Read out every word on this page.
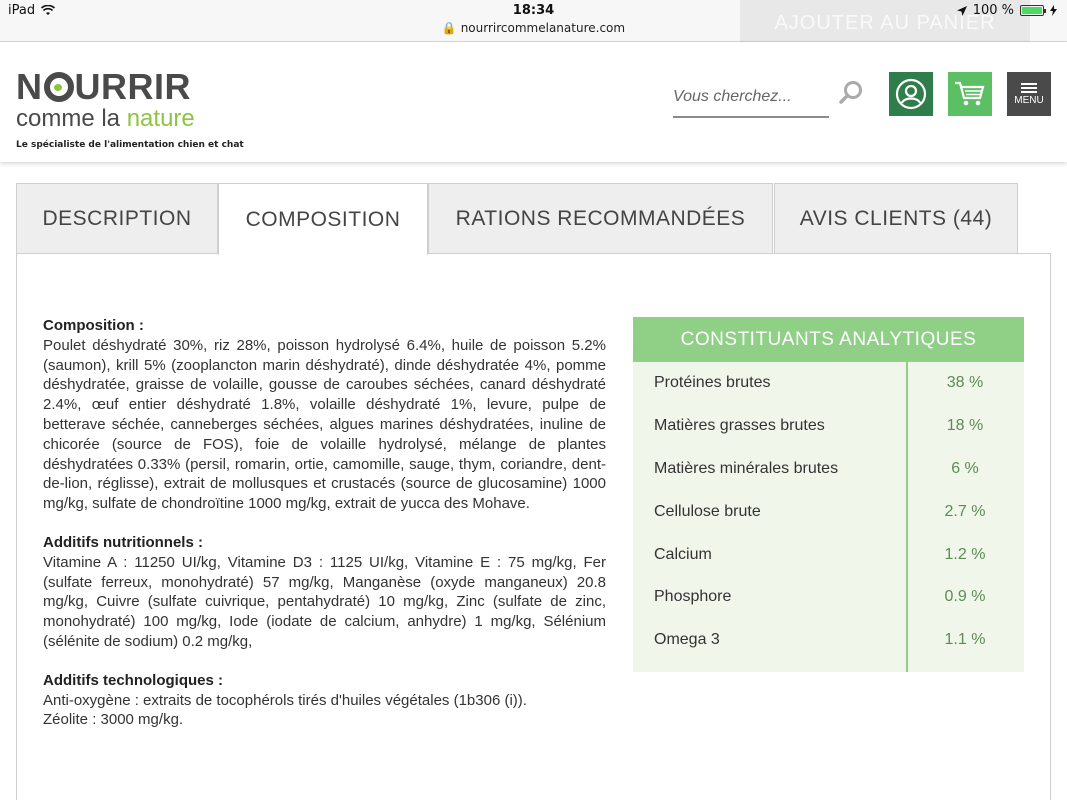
iPad	18:34
🔒 nourrircommelanature.com	AJOUTER AU PANIER
100 %
N URRIR
comme la nature
Le spécialiste de l'alimentation chien et chat
Vous cherchez...
MENU
DESCRIPTION	COMPOSITION	RATIONS RECOMMANDÉES	AVIS CLIENTS (44)
Composition :

Poulet déshydraté 30%, riz 28%, poisson hydrolysé 6.4%, huile de poisson 5.2% (saumon), krill 5% (zooplancton marin déshydraté), dinde déshydratée 4%, pomme déshydratée, graisse de volaille, gousse de caroubes séchées, canard déshydraté 2.4%, œuf entier déshydraté 1.8%, volaille déshydraté 1%, levure, pulpe de betterave séchée, canneberges séchées, algues marines déshydratées, inuline de chicorée (source de FOS), foie de volaille hydrolysé, mélange de plantes déshydratées 0.33% (persil, romarin, ortie, camomille, sauge, thym, coriandre, dent-de-lion, réglisse), extrait de mollusques et crustacés (source de glucosamine) 1000 mg/kg, sulfate de chondroïtine 1000 mg/kg, extrait de yucca des Mohave.

Additifs nutritionnels :

Vitamine A : 11250 UI/kg, Vitamine D3 : 1125 UI/kg, Vitamine E : 75 mg/kg, Fer (sulfate ferreux, monohydraté) 57 mg/kg, Manganèse (oxyde manganeux) 20.8 mg/kg, Cuivre (sulfate cuivrique, pentahydraté) 10 mg/kg, Zinc (sulfate de zinc, monohydraté) 100 mg/kg, Iode (iodate de calcium, anhydre) 1 mg/kg, Sélénium (sélénite de sodium) 0.2 mg/kg,

Additifs technologiques :
Anti-oxygène : extraits de tocophérols tirés d'huiles végétales (1b306 (i)).
Zéolite : 3000 mg/kg.
CONSTITUANTS ANALYTIQUES
Protéines brutes	38 %
Matières grasses brutes	18 %
Matières minérales brutes	6 %
Cellulose brute	2.7 %
Calcium	1.2 %
Phosphore	0.9 %
Omega 3	1.1 %
